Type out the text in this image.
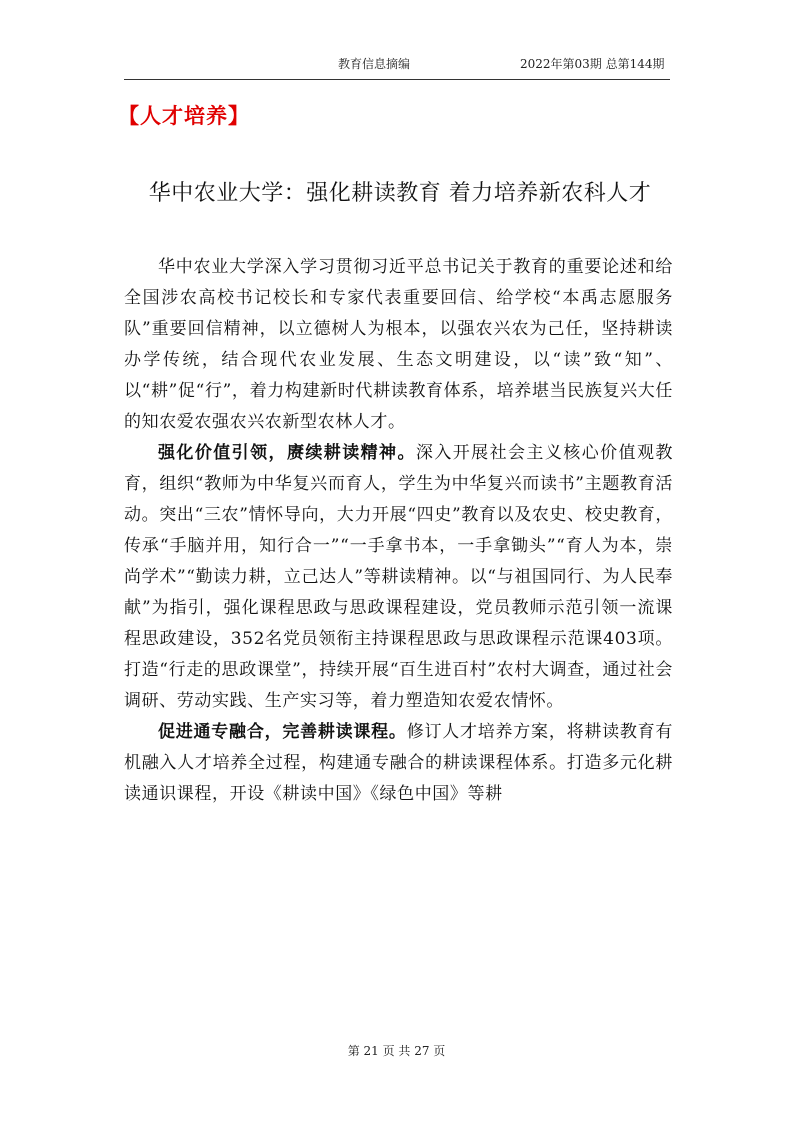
教育信息摘编	2022年第03期 总第144期
【人才培养】
华中农业大学：强化耕读教育 着力培养新农科人才

华中农业大学深入学习贯彻习近平总书记关于教育的重要论述和给全国涉农高校书记校长和专家代表重要回信、给学校“本禹志愿服务队”重要回信精神，以立德树人为根本，以强农兴农为己任，坚持耕读办学传统，结合现代农业发展、生态文明建设，以“读”致“知”、以“耕”促“行”，着力构建新时代耕读教育体系，培养堪当民族复兴大任的知农爱农强农兴农新型农林人才。

强化价值引领，赓续耕读精神。深入开展社会主义核心价值观教育，组织“教师为中华复兴而育人，学生为中华复兴而读书”主题教育活动。突出“三农”情怀导向，大力开展“四史”教育以及农史、校史教育，传承“手脑并用，知行合一”“一手拿书本，一手拿锄头”“育人为本，崇尚学术”“勤读力耕，立己达人”等耕读精神。以“与祖国同行、为人民奉献”为指引，强化课程思政与思政课程建设，党员教师示范引领一流课程思政建设，352名党员领衔主持课程思政与思政课程示范课403项。打造“行走的思政课堂”，持续开展“百生进百村”农村大调查，通过社会调研、劳动实践、生产实习等，着力塑造知农爱农情怀。

促进通专融合，完善耕读课程。修订人才培养方案，将耕读教育有机融入人才培养全过程，构建通专融合的耕读课程体系。打造多元化耕读通识课程，开设《耕读中国》《绿色中国》等耕

第 21 页 共 27 页
